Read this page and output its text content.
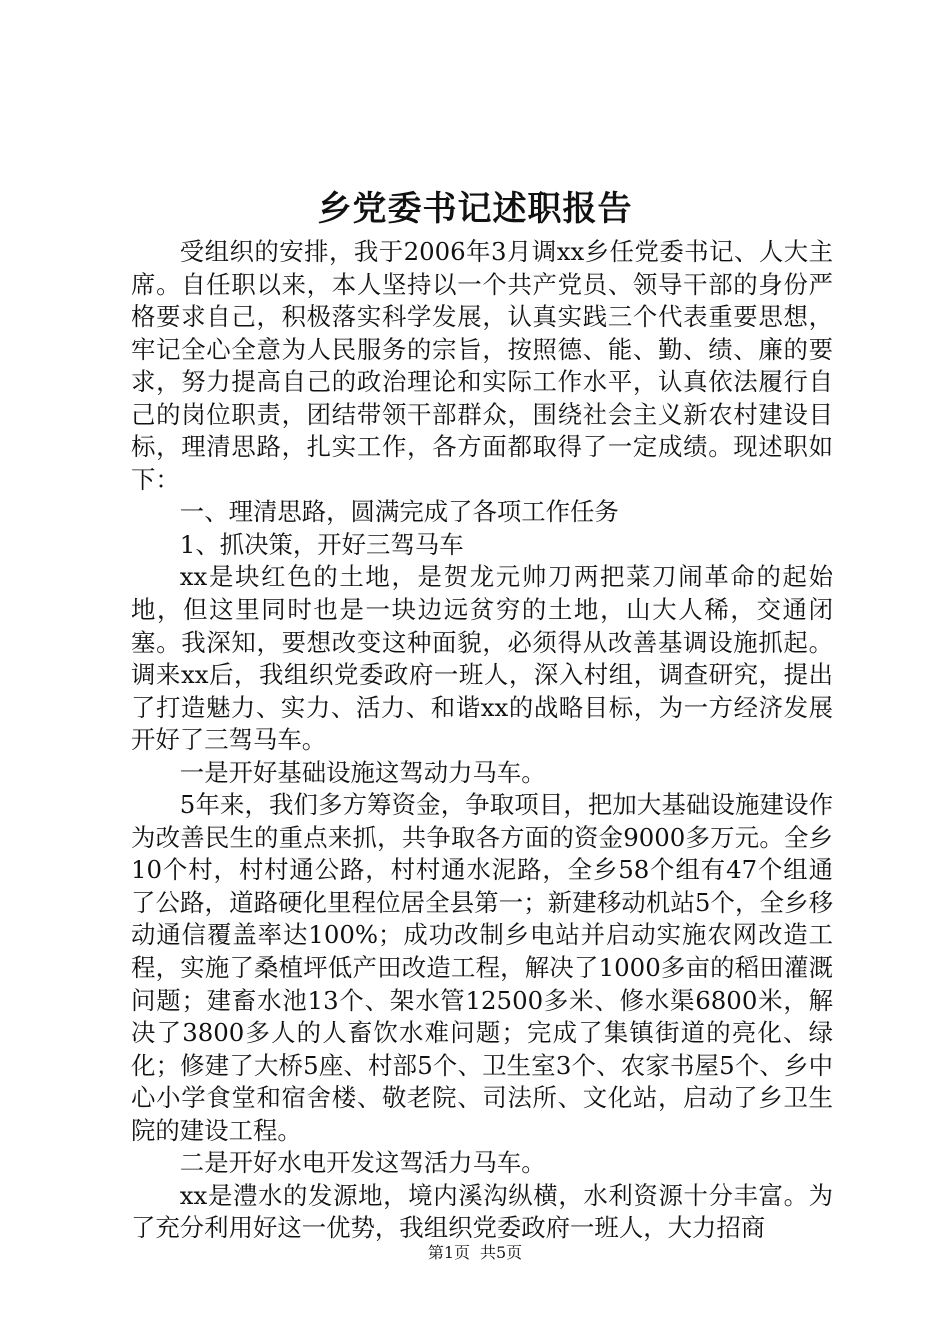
乡党委书记述职报告

受组织的安排，我于2006年3月调xx乡任党委书记、人大主席。自任职以来，本人坚持以一个共产党员、领导干部的身份严格要求自己，积极落实科学发展，认真实践三个代表重要思想，牢记全心全意为人民服务的宗旨，按照德、能、勤、绩、廉的要求，努力提高自己的政治理论和实际工作水平，认真依法履行自己的岗位职责，团结带领干部群众，围绕社会主义新农村建设目标，理清思路，扎实工作，各方面都取得了一定成绩。现述职如下：

一、理清思路，圆满完成了各项工作任务

1、抓决策，开好三驾马车

xx是块红色的土地，是贺龙元帅刀两把菜刀闹革命的起始地，但这里同时也是一块边远贫穷的土地，山大人稀，交通闭塞。我深知，要想改变这种面貌，必须得从改善基调设施抓起。调来xx后，我组织党委政府一班人，深入村组，调查研究，提出了打造魅力、实力、活力、和谐xx的战略目标，为一方经济发展开好了三驾马车。

一是开好基础设施这驾动力马车。

5年来，我们多方筹资金，争取项目，把加大基础设施建设作为改善民生的重点来抓，共争取各方面的资金9000多万元。全乡10个村，村村通公路，村村通水泥路，全乡58个组有47个组通了公路，道路硬化里程位居全县第一；新建移动机站5个，全乡移动通信覆盖率达100%；成功改制乡电站并启动实施农网改造工程，实施了桑植坪低产田改造工程，解决了1000多亩的稻田灌溉问题；建畜水池13个、架水管12500多米、修水渠6800米，解决了3800多人的人畜饮水难问题；完成了集镇街道的亮化、绿化；修建了大桥5座、村部5个、卫生室3个、农家书屋5个、乡中心小学食堂和宿舍楼、敬老院、司法所、文化站，启动了乡卫生院的建设工程。

二是开好水电开发这驾活力马车。

xx是澧水的发源地，境内溪沟纵横，水利资源十分丰富。为了充分利用好这一优势，我组织党委政府一班人，大力招商

第1页 共5页
